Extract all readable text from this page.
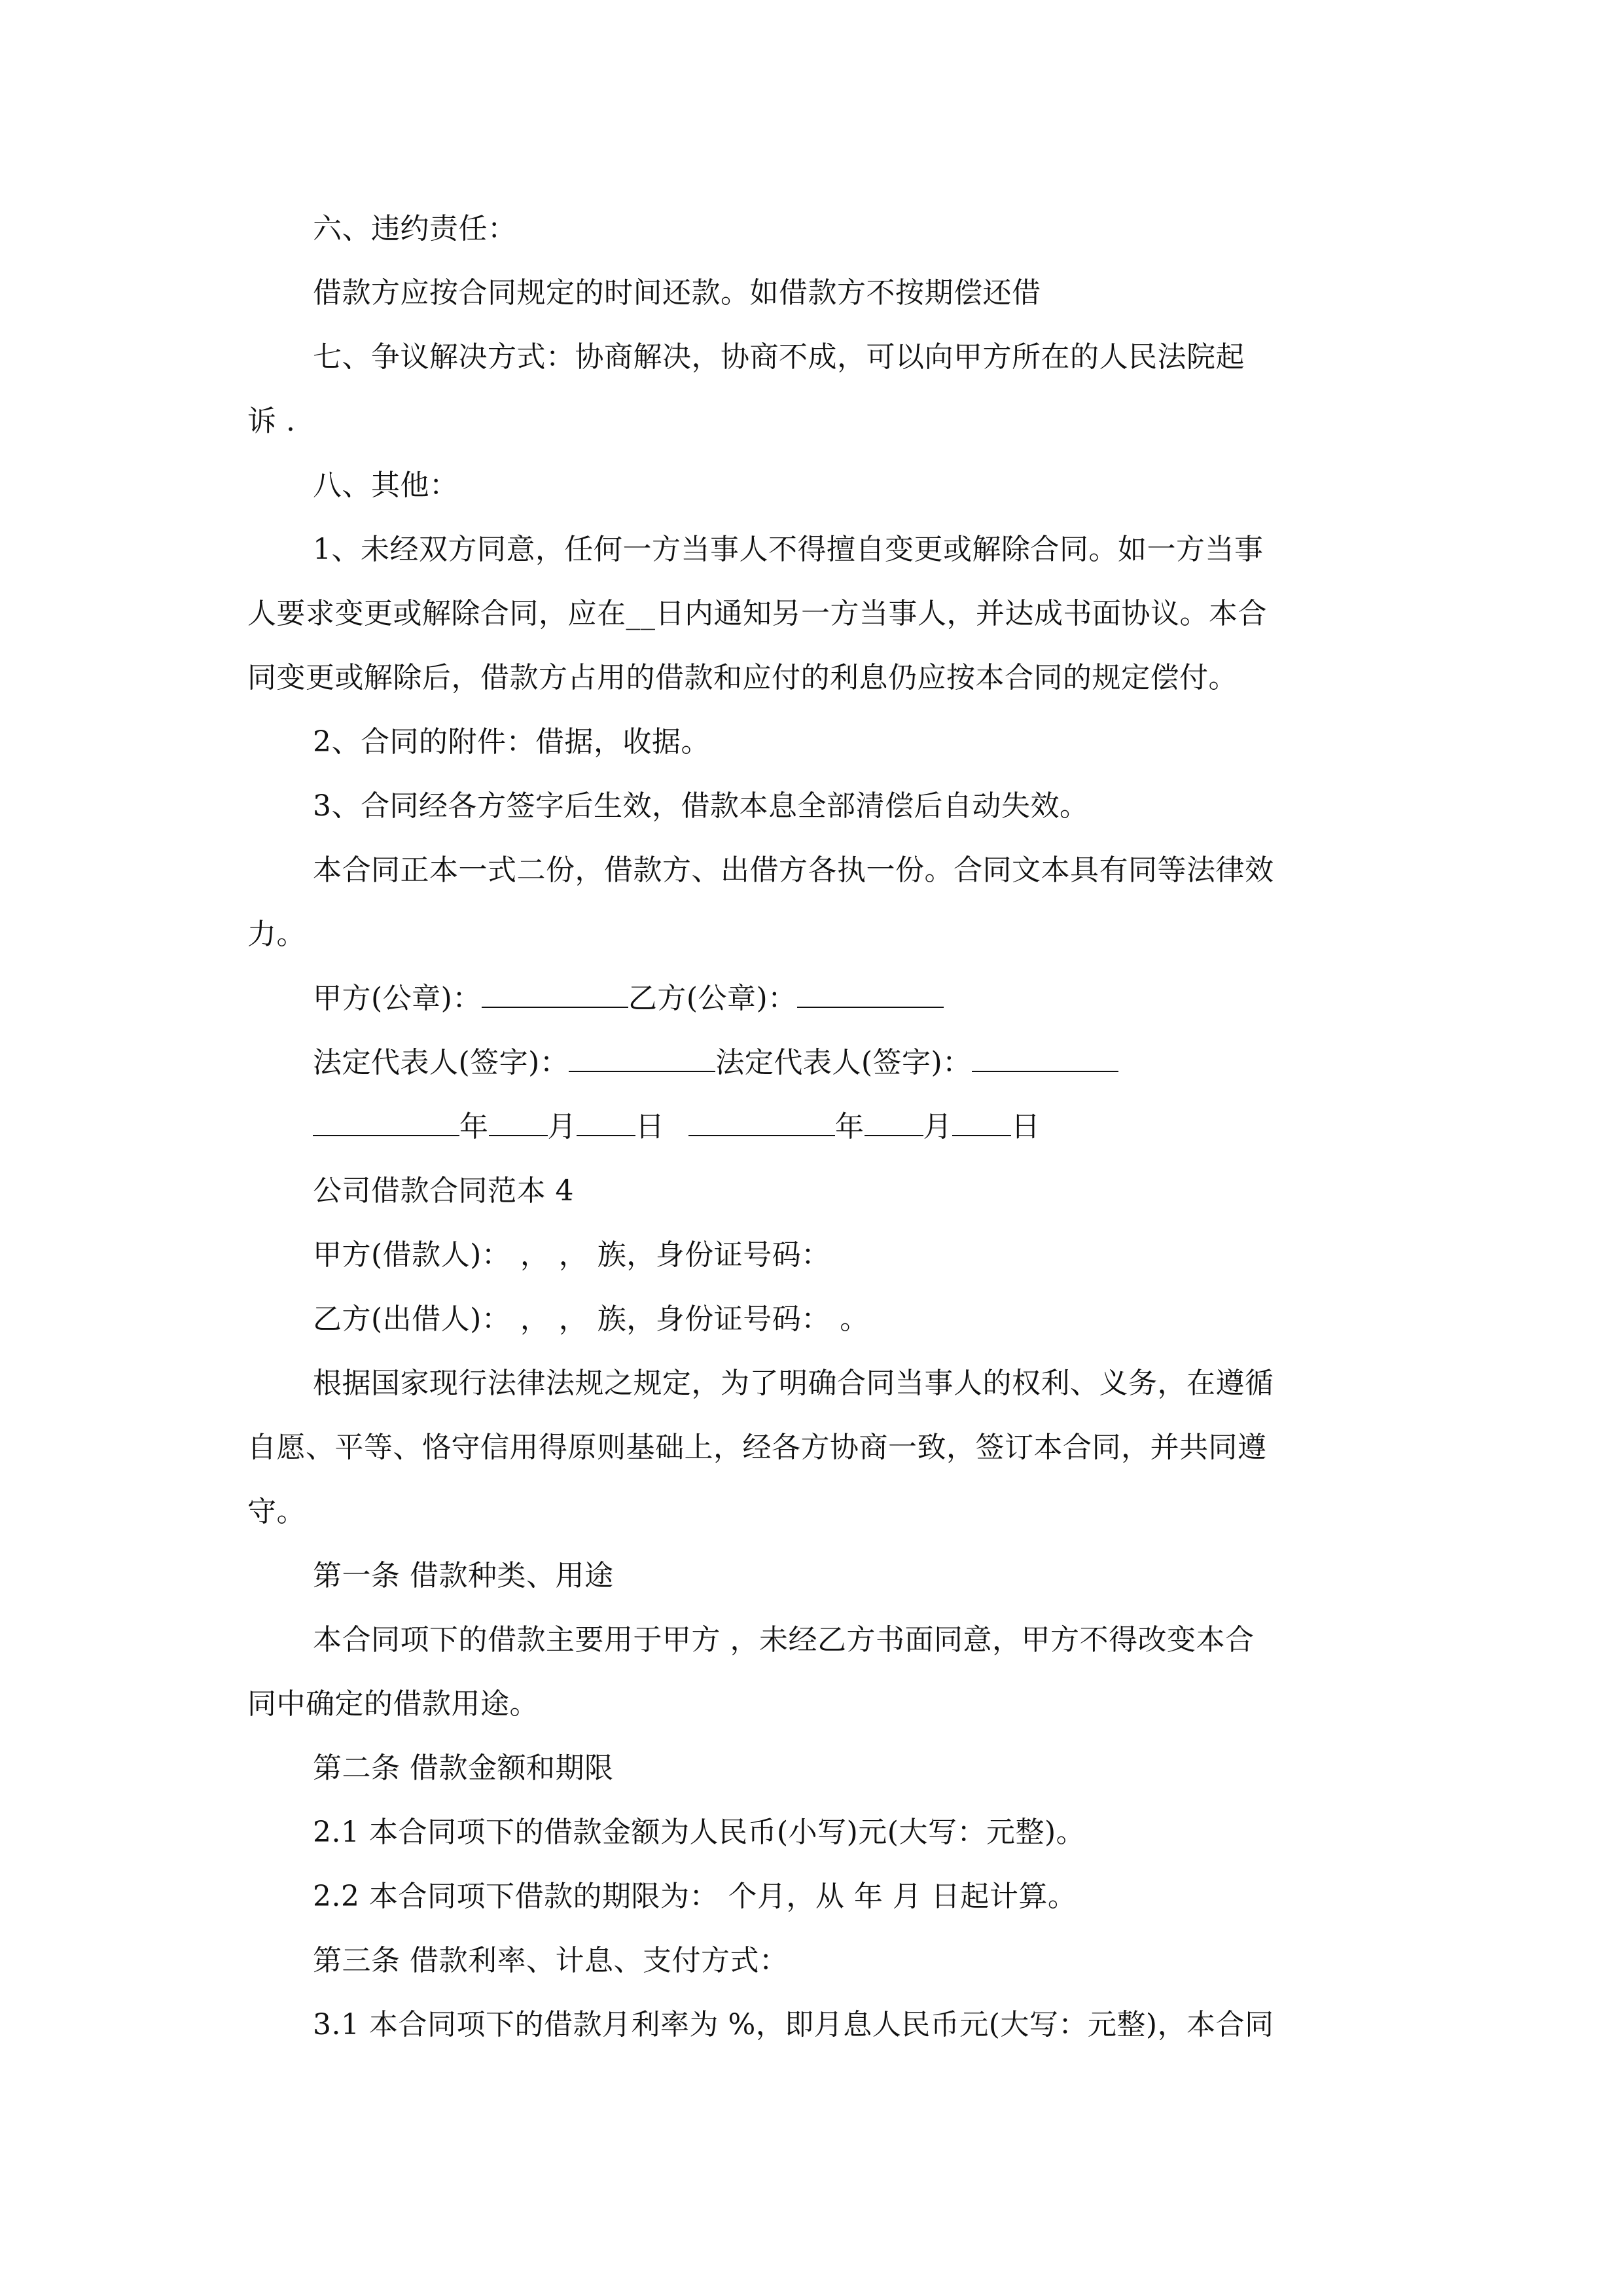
六、违约责任：
借款方应按合同规定的时间还款。如借款方不按期偿还借
七、争议解决方式：协商解决，协商不成，可以向甲方所在的人民法院起
诉 .
八、其他：
1、未经双方同意，任何一方当事人不得擅自变更或解除合同。如一方当事
人要求变更或解除合同，应在__日内通知另一方当事人，并达成书面协议。本合
同变更或解除后，借款方占用的借款和应付的利息仍应按本合同的规定偿付。
2、合同的附件：借据，收据。
3、合同经各方签字后生效，借款本息全部清偿后自动失效。
本合同正本一式二份，借款方、出借方各执一份。合同文本具有同等法律效
力。
甲方(公章)：	乙方(公章)：
法定代表人(签字)：	法定代表人(签字)：
年 月 日	年 月 日
公司借款合同范本 4
甲方(借款人)： ， ， 族，身份证号码：
乙方(出借人)： ， ， 族，身份证号码： 。
根据国家现行法律法规之规定，为了明确合同当事人的权利、义务，在遵循
自愿、平等、恪守信用得原则基础上，经各方协商一致，签订本合同，并共同遵
守。
第一条 借款种类、用途
本合同项下的借款主要用于甲方 ，未经乙方书面同意，甲方不得改变本合
同中确定的借款用途。
第二条 借款金额和期限
2.1 本合同项下的借款金额为人民币(小写)元(大写：元整)。
2.2 本合同项下借款的期限为： 个月，从 年 月 日起计算。
第三条 借款利率、计息、支付方式：
3.1 本合同项下的借款月利率为 %，即月息人民币元(大写：元整)，本合同
